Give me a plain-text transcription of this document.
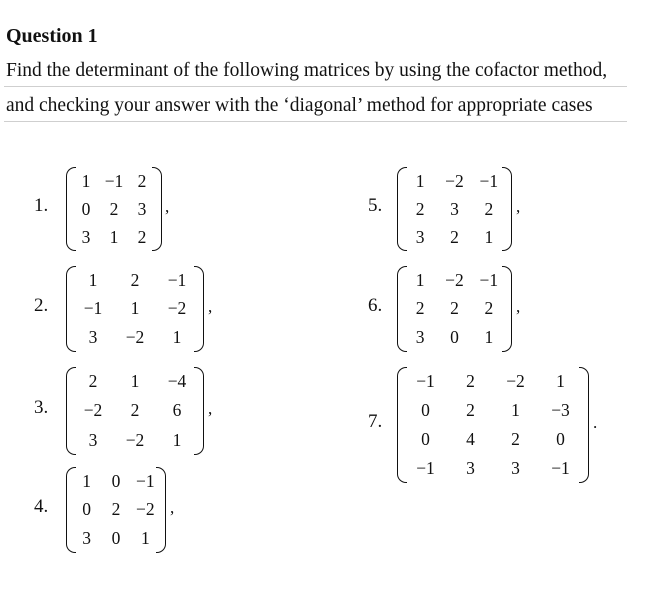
Question 1
Find the determinant of the following matrices by using the cofactor method,
and checking your answer with the ‘diagonal’ method for appropriate cases
1.
1 −1 2
0	2	3
3	1	2
,
2.
1	2	−1
−1	1	−2
3	−2	1
,
3.
2	1	−4
−2	2	6
3	−2	1
,
4.
1	0 −1
0	2 −2
3	0	1
,
5.
1	−2 −1
2	3	2
3	2	1
,
6.
1	−2 −1
2	2	2
3	0	1
,
7.
−1	2	−2	1
0	2	1	−3
0	4	2	0
−1	3	3	−1
.
